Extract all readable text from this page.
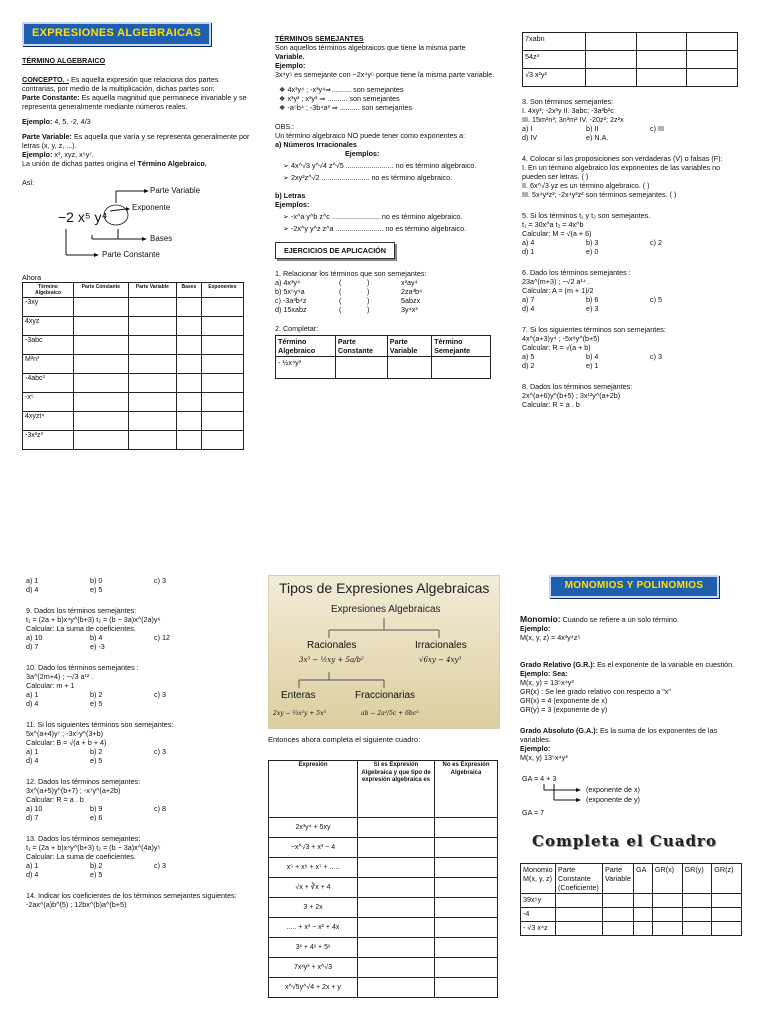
EXPRESIONES ALGEBRAICAS
TÉRMINO ALGEBRAICO

CONCEPTO. - Es aquella expresión que relaciona dos partes contrarias, por medio de la multiplicación, dichas partes son:

Parte Constante: Es aquella magnitud que permanece invariable y se representa generalmente mediante números reales.

Ejemplo: 4, 5, -2, 4/3

Parte Variable: Es aquella que varía y se representa generalmente por letras (x, y, z, ...).

Ejemplo: x³, xyz, x⁵y⁷.

La unión de dichas partes origina el Término Algebraico.

Así:

−2 x⁵ y⁴
Parte Variable
Exponente
Bases
Parte Constante

Ahora

Término Algebraico	Parte Constante	Parte Variable	Bases	Exponentes
-3xy				
4xyz				
-3abc				
M²n³				
-4abc³				
-x⁵				
4xyzt⁴				
-3x²z³				
TÉRMINOS SEMEJANTES

Son aquellos términos algebraicos que tiene la misma parte Variable.

Ejemplo:

3x⁴y⁵ es semejante con −2x⁴y⁵ porque tiene la misma parte variable.

❖ 4x³y⁴ ; -x³y⁴⇒.......... son semejantes

❖ x³y³ ; x³y³ ⇒ .......... son semejantes

❖ -a⁵b⁴ ; -3b⁴a³ ⇒ .......... son semejantes

OBS.:

Un término algebraico NO puede tener como exponentes a:

a) Números Irracionales

Ejemplos:

➢ 4x^√3 y^√4 z^√5 ........................ no es término algebraico.

➢ 2xy²z^√2 ........................ no es término algebraico.

b) Letras

Ejemplos:

➢ -x^a y^b z^c ........................ no es término algebraico.

➢ -2x^y y^z z^a ........................ no es término algebraico.

EJERCICIOS DE APLICACIÓN

1. Relacionar los términos que son semejantes:

a) 4x³y⁴	(	)	x³ay⁴
b) 5x⁵y⁴a	(	)	2za³b⁴
c) -3a³b⁴z	(	)	5abzx
d) 15xabz	(	)	3y⁴x³

2. Completar:

Término Algebraico	Parte Constante	Parte Variable	Término Semejante
- ½x⁴y³			
7xabn			
54z³			
√3 x²y²			

3. Son términos semejantes:

I. 4xy³; -2x³y II. 3abc; -3a³b²c

III. 15m²n³; 3n³m² IV. -20z²; 2z²x

a) I	b) II	c) III
d) IV	e) N.A.

4. Colocar si las proposiciones son verdaderas (V) o falsas (F):

I. En un término algebraico los exponentes de las variables no pueden ser letras. ( )

II. 6x^√3 yz es un término algebraico. ( )

III. 5x⁴y³z²; -2x⁴y³z² son términos semejantes. ( )

5. Si los términos t₁ y t₂ son semejantes.

t₁ = 30x^a t₂ = 4x^b

Calcular: M = √(a + 6)

a) 4	b) 3	c) 2
d) 1	e) 0

6. Dado los términos semejantes :

23a^(m+3) ; −√2 a¹⁴ .

Calcular: A = (m + 1)/2

a) 7	b) 6	c) 5
d) 4	e) 3

7. Si los siguientes términos son semejantes:

4x^(a+3)y⁴ ; -5x⁸y^(b+5)

Calcular: R = √(a + b)

a) 5	b) 4	c) 3
d) 2	e) 1

8. Dados los términos semejantes:

2x^(a+6)y^(b+5) ; 3x¹²y^(a+2b)

Calcular: R = a . b

a) 1	b) 0	c) 3
d) 4	e) 5

9. Dados los términos semejantes:

t₁ = (2a + b)x⁴y^(b+3) t₂ = (b − 3a)x^(2a)y⁶

Calcular: La suma de coeficientes.

a) 10	b) 4	c) 12
d) 7	e) -3

10. Dado los términos semejantes :

3a^(2m+4) ; −√3 a¹² .

Calcular: m + 1

a) 1	b) 2	c) 3
d) 4	e) 5

11. Si los siguientes términos son semejantes:

5x^(a+4)y⁷ ; -3x⁵y^(3+b)

Calcular: B = √(a + b + 4)

a) 1	b) 2	c) 3
d) 4	e) 5

12. Dados los términos semejantes:

3x^(a+5)y^(b+7) ; -x⁷y^(a+2b)

Calcular: R = a . b

a) 10	b) 9	c) 8
d) 7	e) 6

13. Dados los términos semejantes:

t₁ = (2a + b)x⁴y^(b+3) t₂ = (b − 3a)x^(4a)y⁵

Calcular: La suma de coeficientes.

a) 1	b) 2	c) 3
d) 4	e) 5

14. Indicar los coeficientes de los términos semejantes siguientes:

-2ax^(a)b^(5) ; 12bx^(b)a^(b+5)

Tipos de Expresiones Algebraicas
Expresiones Algebraicas
Racionales	Irracionales
3x³ − ½xy + 5a/b²	√6xy − 4xy³
Enteras	Fraccionarias
2xy − ⅔x²y + 5x³	ab − 2a²/5c + 6bc³

Entonces ahora completa el siguiente cuadro:

Expresión	Si es Expresión Algebraica y que tipo de expresión algebraica es	No es Expresión Algebraica
2x³y⁴ + 5xy		
−x^√3 + x³ − 4		
x⁵ + x⁶ + x⁷ + .....		
√x + ∛x + 4		
3 + 2x		
..... + x³ − x² + 4x		
3ˣ + 4ˣ + 5ˣ		
7xˣy³ + x^√3		
x^√5y^√4 + 2x + y		
MONOMIOS Y POLINOMIOS

Monomio: Cuando se refiere a un solo término.

Ejemplo:

M(x, y, z) = 4x³y⁴z⁵

Grado Relativo (G.R.): Es el exponente de la variable en cuestión.

Ejemplo: Sea:

M(x, y) = 13⁵x⁴y³

GR(x) : Se lee grado relativo con respecto a "x"

GR(x) = 4 (exponente de x)

GR(y) = 3 (exponente de y)

Grado Absoluto (G.A.): Es la suma de los exponentes de las variables.

Ejemplo:

M(x, y) 13⁵x⁴y³

GA = 4 + 3
(exponente de x)
(exponente de y)
GA = 7
Completa el Cuadro
Monomio M(x, y, z)	Parte Constante (Coeficiente)	Parte Variable	GA	GR(x)	GR(y)	GR(z)
39x⁵y						
-4						
- √3 x⁴z						
